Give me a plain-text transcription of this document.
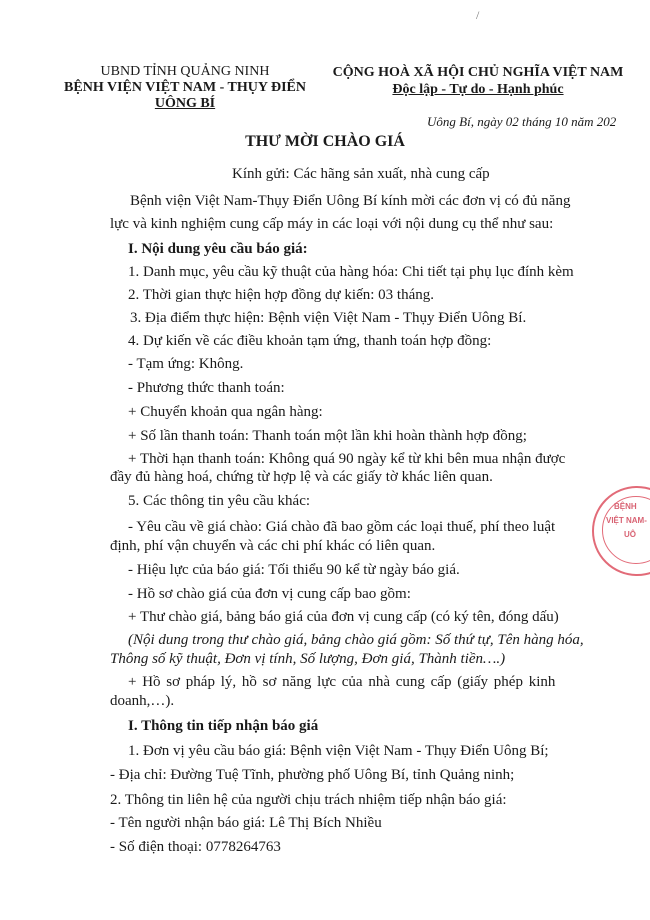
/
UBND TỈNH QUẢNG NINH
BỆNH VIỆN VIỆT NAM - THỤY ĐIỂN
UÔNG BÍ
CỘNG HOÀ XÃ HỘI CHỦ NGHĨA VIỆT NAM
Độc lập - Tự do - Hạnh phúc
Uông Bí, ngày 02 tháng 10 năm 202
THƯ MỜI CHÀO GIÁ
Kính gửi: Các hãng sản xuất, nhà cung cấp
Bệnh viện Việt Nam-Thụy Điển Uông Bí kính mời các đơn vị có đủ năng
lực và kinh nghiệm cung cấp máy in các loại với nội dung cụ thể như sau:
I. Nội dung yêu cầu báo giá:
1. Danh mục, yêu cầu kỹ thuật của hàng hóa: Chi tiết tại phụ lục đính kèm
2. Thời gian thực hiện hợp đồng dự kiến: 03 tháng.
3. Địa điểm thực hiện: Bệnh viện Việt Nam - Thụy Điển Uông Bí.
4. Dự kiến về các điều khoản tạm ứng, thanh toán hợp đồng:
- Tạm ứng: Không.
- Phương thức thanh toán:
+ Chuyển khoản qua ngân hàng:
+ Số lần thanh toán: Thanh toán một lần khi hoàn thành hợp đồng;
+ Thời hạn thanh toán: Không quá 90 ngày kể từ khi bên mua nhận được
đầy đủ hàng hoá, chứng từ hợp lệ và các giấy tờ khác liên quan.
5. Các thông tin yêu cầu khác:
- Yêu cầu về giá chào: Giá chào đã bao gồm các loại thuế, phí theo luật
định, phí vận chuyển và các chi phí khác có liên quan.
- Hiệu lực của báo giá: Tối thiểu 90 kể từ ngày báo giá.
- Hồ sơ chào giá của đơn vị cung cấp bao gồm:
+ Thư chào giá, bảng báo giá của đơn vị cung cấp (có ký tên, đóng dấu)
(Nội dung trong thư chào giá, bảng chào giá gồm: Số thứ tự, Tên hàng hóa,
Thông số kỹ thuật, Đơn vị tính, Số lượng, Đơn giá, Thành tiền….)
+ Hồ sơ pháp lý, hồ sơ năng lực của nhà cung cấp (giấy phép kinh
doanh,…).
I. Thông tin tiếp nhận báo giá
1. Đơn vị yêu cầu báo giá: Bệnh viện Việt Nam - Thụy Điển Uông Bí;
- Địa chỉ: Đường Tuệ Tĩnh, phường phố Uông Bí, tỉnh Quảng ninh;
2. Thông tin liên hệ của người chịu trách nhiệm tiếp nhận báo giá:
- Tên người nhận báo giá: Lê Thị Bích Nhiều
- Số điện thoại: 0778264763
BỆNH
VIỆT NAM-
UÔ
